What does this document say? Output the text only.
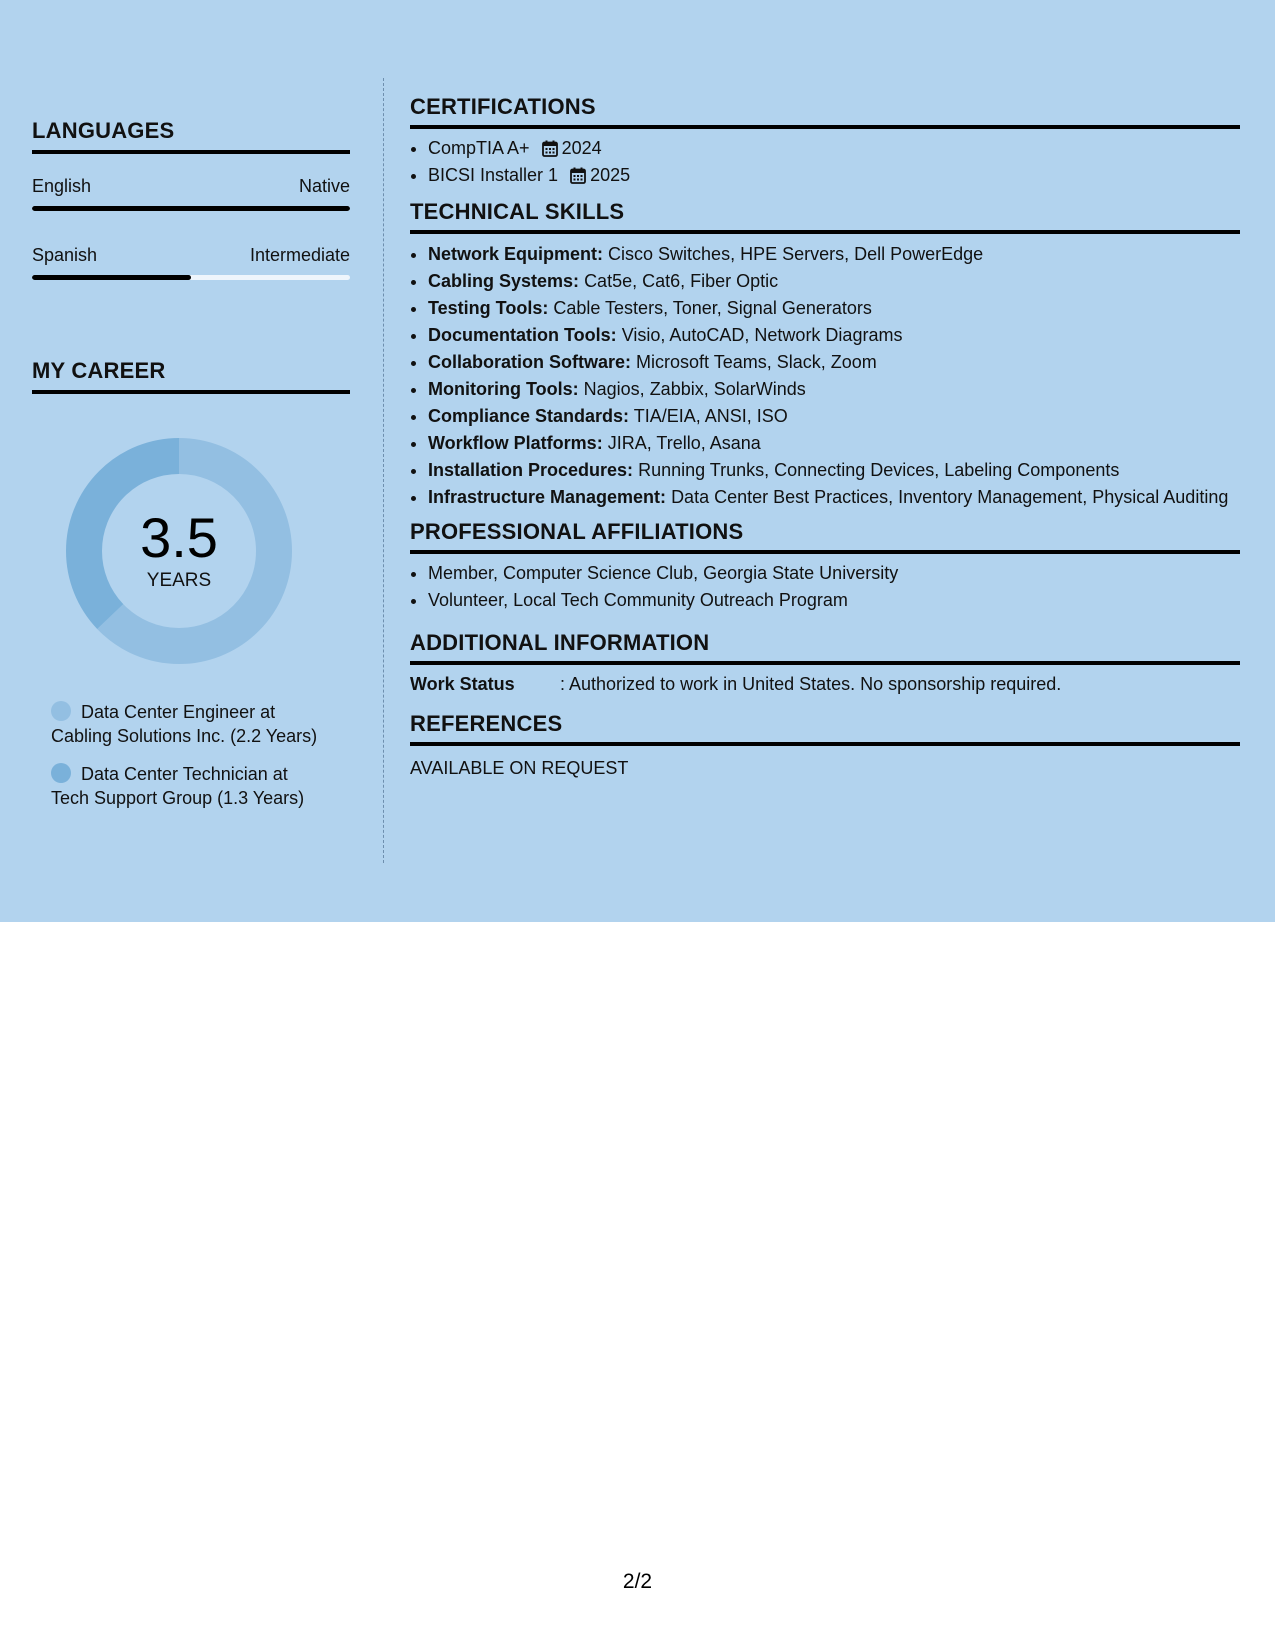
LANGUAGES
English	Native
Spanish	Intermediate
MY CAREER
3.5
YEARS
Data Center Engineer at Cabling Solutions Inc. (2.2 Years)
Data Center Technician at Tech Support Group (1.3 Years)
CERTIFICATIONS
• CompTIA A+ 2024
• BICSI Installer 1 2025
TECHNICAL SKILLS
• Network Equipment: Cisco Switches, HPE Servers, Dell PowerEdge
• Cabling Systems: Cat5e, Cat6, Fiber Optic
• Testing Tools: Cable Testers, Toner, Signal Generators
• Documentation Tools: Visio, AutoCAD, Network Diagrams
• Collaboration Software: Microsoft Teams, Slack, Zoom
• Monitoring Tools: Nagios, Zabbix, SolarWinds
• Compliance Standards: TIA/EIA, ANSI, ISO
• Workflow Platforms: JIRA, Trello, Asana
• Installation Procedures: Running Trunks, Connecting Devices, Labeling Components
• Infrastructure Management: Data Center Best Practices, Inventory Management, Physical Auditing
PROFESSIONAL AFFILIATIONS
• Member, Computer Science Club, Georgia State University
• Volunteer, Local Tech Community Outreach Program
ADDITIONAL INFORMATION
Work Status	: Authorized to work in United States. No sponsorship required.
REFERENCES
AVAILABLE ON REQUEST
2/2
